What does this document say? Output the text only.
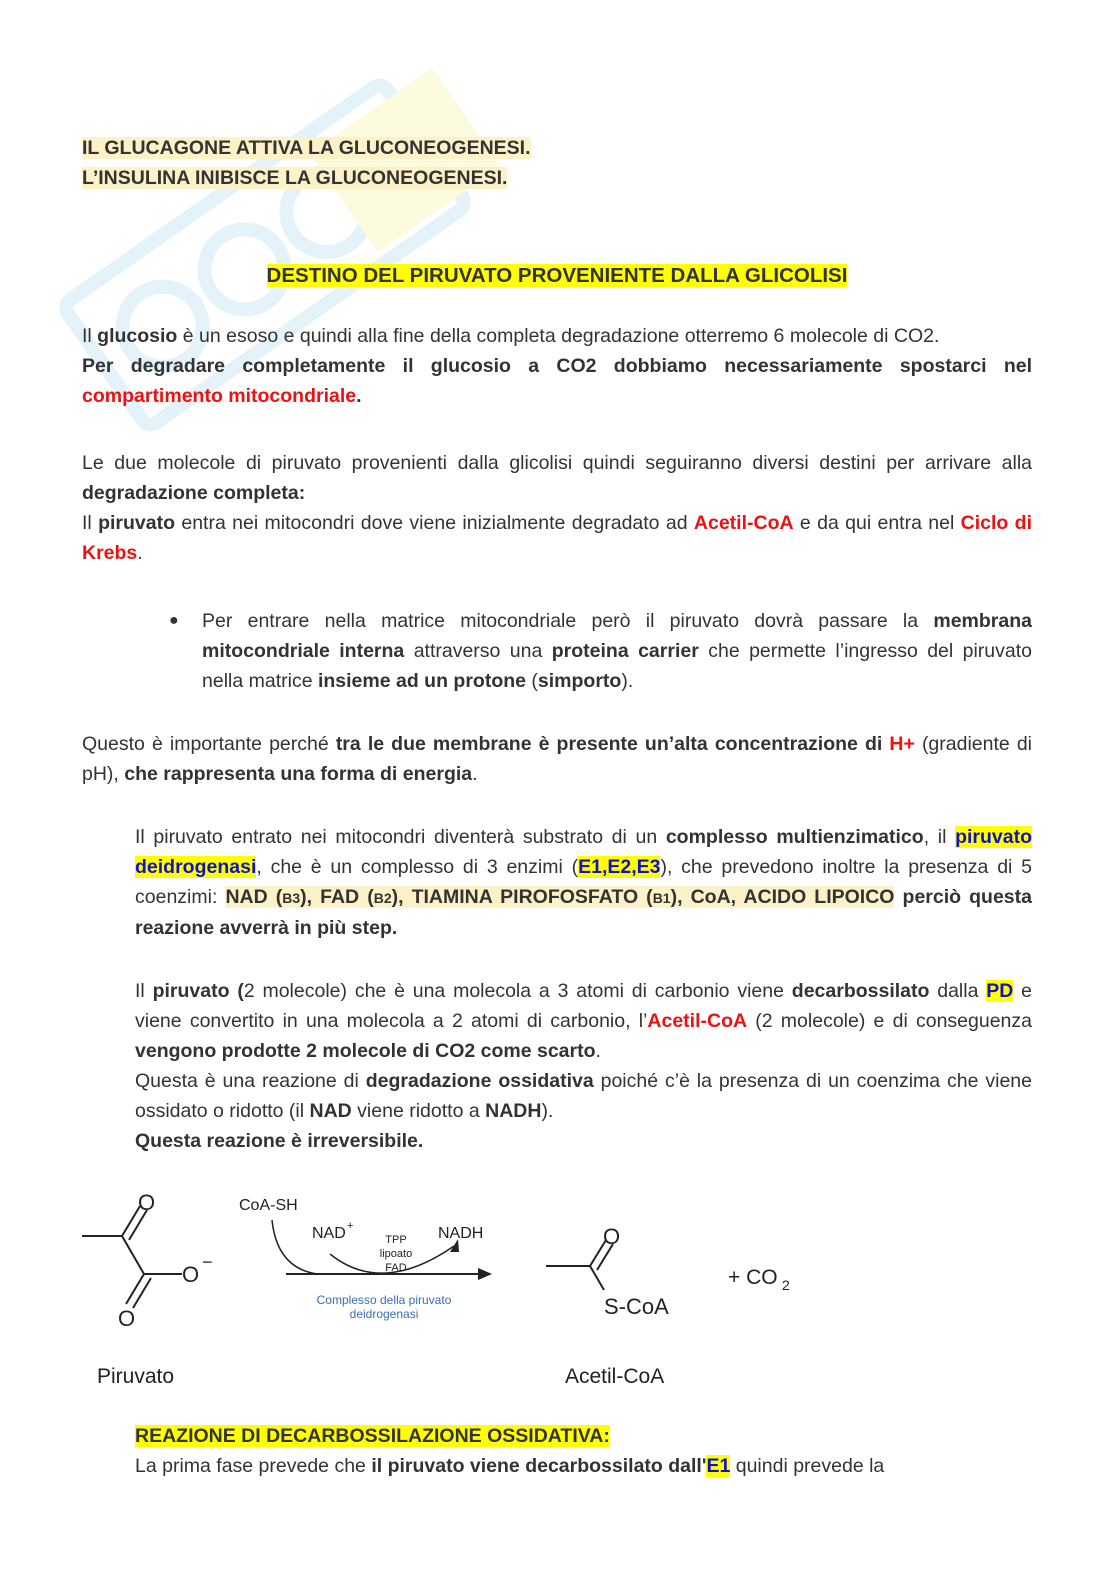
IL GLUCAGONE ATTIVA LA GLUCONEOGENESI.
L’INSULINA INIBISCE LA GLUCONEOGENESI.
DESTINO DEL PIRUVATO PROVENIENTE DALLA GLICOLISI

Il glucosio è un esoso e quindi alla fine della completa degradazione otterremo 6 molecole di CO2.
Per degradare completamente il glucosio a CO2 dobbiamo necessariamente spostarci nel compartimento mitocondriale.

Le due molecole di piruvato provenienti dalla glicolisi quindi seguiranno diversi destini per arrivare alla degradazione completa:
Il piruvato entra nei mitocondri dove viene inizialmente degradato ad Acetil-CoA e da qui entra nel Ciclo di Krebs.

● Per entrare nella matrice mitocondriale però il piruvato dovrà passare la membrana mitocondriale interna attraverso una proteina carrier che permette l’ingresso del piruvato nella matrice insieme ad un protone (simporto).

Questo è importante perché tra le due membrane è presente un’alta concentrazione di H+ (gradiente di pH), che rappresenta una forma di energia.

Il piruvato entrato nei mitocondri diventerà substrato di un complesso multienzimatico, il piruvato deidrogenasi, che è un complesso di 3 enzimi (E1,E2,E3), che prevedono inoltre la presenza di 5 coenzimi: NAD (B3), FAD (B2), TIAMINA PIROFOSFATO (B1), CoA, ACIDO LIPOICO perciò questa reazione avverrà in più step.

Il piruvato (2 molecole) che è una molecola a 3 atomi di carbonio viene decarbossilato dalla PD e viene convertito in una molecola a 2 atomi di carbonio, l’Acetil-CoA (2 molecole) e di conseguenza vengono prodotte 2 molecole di CO2 come scarto.
Questa è una reazione di degradazione ossidativa poiché c’è la presenza di un coenzima che viene ossidato o ridotto (il NAD viene ridotto a NADH).
Questa reazione è irreversibile.

O
O −
O
CoA-SH
NAD +	NADH
TPP
lipoato
FAD
Complesso della piruvato
deidrogenasi
O
S-CoA
+ CO 2
Piruvato	Acetil-CoA

REAZIONE DI DECARBOSSILAZIONE OSSIDATIVA:

La prima fase prevede che il piruvato viene decarbossilato dall'E1 quindi prevede la
